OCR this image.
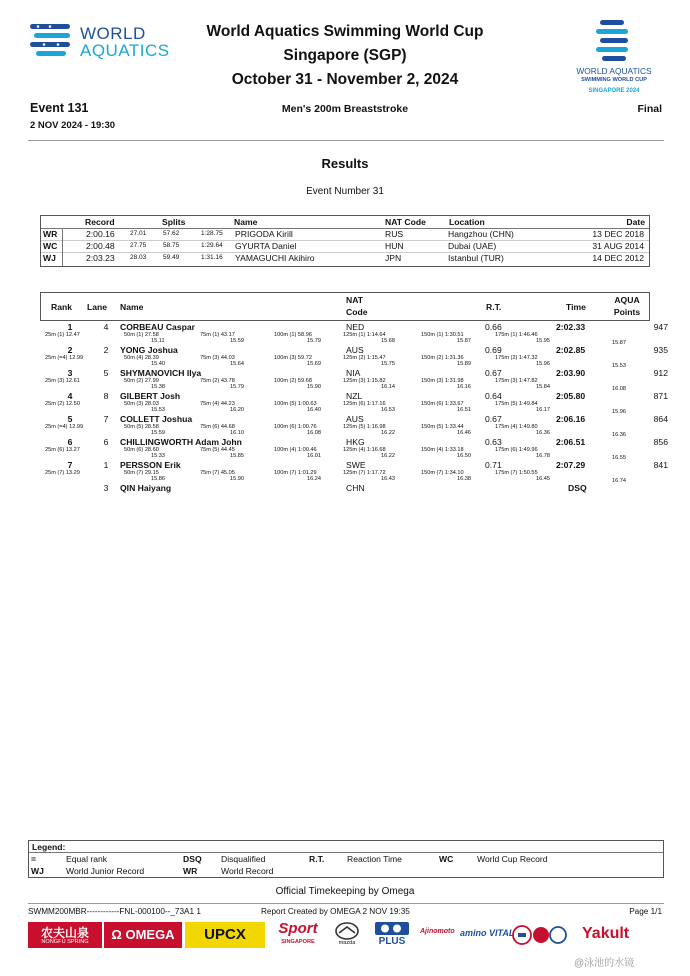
WORLD
AQUATICS
World Aquatics Swimming World Cup
Singapore (SGP)
October 31 - November 2, 2024	WORLD AQUATICS
SWIMMING WORLD CUP
SINGAPORE 2024
Event 131
2 NOV 2024 - 19:30
Men's 200m Breaststroke	Final
Results
Event Number 31
Record	Splits	Name	NAT Code	Location	Date
WR	2:00.16 27.01	57.62	1:28.75 PRIGODA Kirill	RUS	Hangzhou (CHN)	13 DEC 2018
WC	2:00.48 27.75	58.75	1:29.64 GYURTA Daniel	HUN	Dubai (UAE)	31 AUG 2014
WJ	2:03.23 28.03	59.49	1:31.16 YAMAGUCHI Akihiro	JPN	Istanbul (TUR)	14 DEC 2012
Rank Lane Name
NAT
Code	R.T.	Time
AQUA
Points
1	4	CORBEAU Caspar	NED	0.66	2:02.33	947
25m (1) 12.47	50m (1) 27.58	75m (1) 43.17	100m (1) 58.96	125m (1) 1:14.64	150m (1) 1:30.51	175m (1) 1:46.46
15.11	15.59	15.79	15.68	15.87	15.95	15.87
2	2	YONG Joshua	AUS	0.69	2:02.85	935
25m (=4) 12.99	50m (4) 28.39	75m (3) 44.03	100m (3) 59.72	125m (2) 1:15.47	150m (2) 1:31.36	175m (2) 1:47.32
15.40	15.64	15.69	15.75	15.89	15.96	15.53
3	5	SHYMANOVICH Ilya	NIA	0.67	2:03.90	912
25m (3) 12.61	50m (2) 27.99	75m (2) 43.78	100m (2) 59.68	125m (3) 1:15.82	150m (3) 1:31.98	175m (3) 1:47.82
15.38	15.79	15.90	16.14	16.16	15.84	16.08
4	8	GILBERT Josh	NZL	0.64	2:05.80	871
25m (2) 12.50	50m (3) 28.03	75m (4) 44.23	100m (5) 1:00.63	125m (6) 1:17.16	150m (6) 1:33.67	175m (5) 1:49.84
15.53	16.20	16.40	16.53	16.51	16.17	15.96
5	7	COLLETT Joshua	AUS	0.67	2:06.16	864
25m (=4) 12.99	50m (5) 28.58	75m (6) 44.68	100m (6) 1:00.76	125m (5) 1:16.98	150m (5) 1:33.44	175m (4) 1:49.80
15.59	16.10	16.08	16.22	16.46	16.36	16.36
6	6	CHILLINGWORTH Adam John	HKG	0.63	2:06.51	856
25m (6) 13.27	50m (6) 28.60	75m (5) 44.45	100m (4) 1:00.46	125m (4) 1:16.68	150m (4) 1:33.18	175m (6) 1:49.96
15.33	15.85	16.01	16.22	16.50	16.78	16.55
7	1	PERSSON Erik	SWE	0.71	2:07.29	841
25m (7) 13.29	50m (7) 29.15	75m (7) 45.05	100m (7) 1:01.29	125m (7) 1:17.72	150m (7) 1:34.10	175m (7) 1:50.55
15.86	15.90	16.24	16.43	16.38	16.45	16.74
3	QIN Haiyang	CHN	DSQ
Legend:
=	Equal rank	DSQ Disqualified	R.T.	Reaction Time	WC	World Cup Record
WJ	World Junior Record	WR	World Record
Official Timekeeping by Omega
SWMM200MBR------------FNL-000100--_73A1 1	Report Created by OMEGA 2 NOV 19:35	Page 1/1
农夫山泉
NONGFU SPRING	Ω OMEGA	UPCX	Sport
SINGAPORE	mazda	PLUS
Ajinomoto amino VITAL	Yakult
@泳池的水镜
